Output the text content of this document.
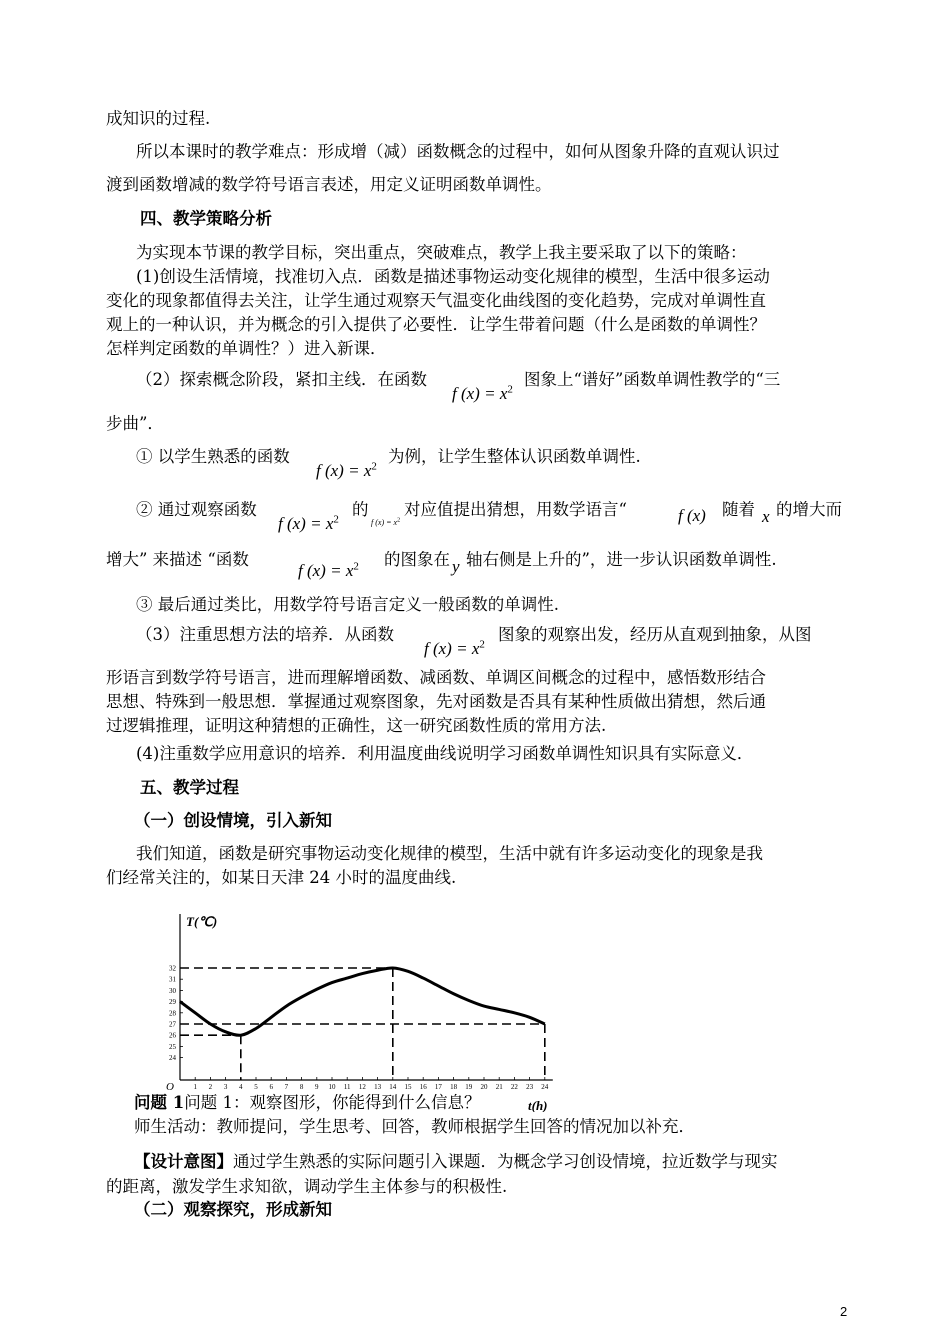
成知识的过程.
所以本课时的教学难点：形成增（减）函数概念的过程中，如何从图象升降的直观认识过
渡到函数增减的数学符号语言表述，用定义证明函数单调性。
四、教学策略分析
为实现本节课的教学目标，突出重点，突破难点，教学上我主要采取了以下的策略：
(1)创设生活情境，找准切入点．函数是描述事物运动变化规律的模型，生活中很多运动
变化的现象都值得去关注，让学生通过观察天气温变化曲线图的变化趋势，完成对单调性直
观上的一种认识，并为概念的引入提供了必要性．让学生带着问题（什么是函数的单调性？
怎样判定函数的单调性？）进入新课．
（2）探索概念阶段，紧扣主线．在函数
f $(x) = x^2$ 图象上“谱好”函数单调性教学的“三
步曲”．
① 以学生熟悉的函数
f $(x) = x^2$ 为例，让学生整体认识函数单调性.
② 通过观察函数
f $(x) = x^2$ 的
f $(x) = x^2$
对应值提出猜想，用数学语言“	f (x) 随着 x 的增大而
增大” 来描述 “函数
f $(x) = x^2$ 的图象在 y 轴右侧是上升的”，进一步认识函数单调性.
③ 最后通过类比，用数学符号语言定义一般函数的单调性.
（3）注重思想方法的培养．从函数
f $(x) = x^2$ 图象的观察出发，经历从直观到抽象，从图
形语言到数学符号语言，进而理解增函数、减函数、单调区间概念的过程中，感悟数形结合
思想、特殊到一般思想．掌握通过观察图象，先对函数是否具有某种性质做出猜想，然后通
过逻辑推理，证明这种猜想的正确性，这一研究函数性质的常用方法.
(4)注重数学应用意识的培养．利用温度曲线说明学习函数单调性知识具有实际意义．
五、教学过程
（一）创设情境，引入新知
我们知道，函数是研究事物运动变化规律的模型，生活中就有许多运动变化的现象是我
们经常关注的，如某日天津 24 小时的温度曲线.
1 2 3 4 5 6 7 8 9 10 11 12 13 14 15 16 17 18 19 20 21 22 23 24
24
25
26
27
28
29
30
31
32
O
T(℃)
t(h)
问题 1问题 1：观察图形，你能得到什么信息？
师生活动：教师提问，学生思考、回答，教师根据学生回答的情况加以补充．
【设计意图】通过学生熟悉的实际问题引入课题．为概念学习创设情境，拉近数学与现实
的距离，激发学生求知欲，调动学生主体参与的积极性.
（二）观察探究，形成新知
2
